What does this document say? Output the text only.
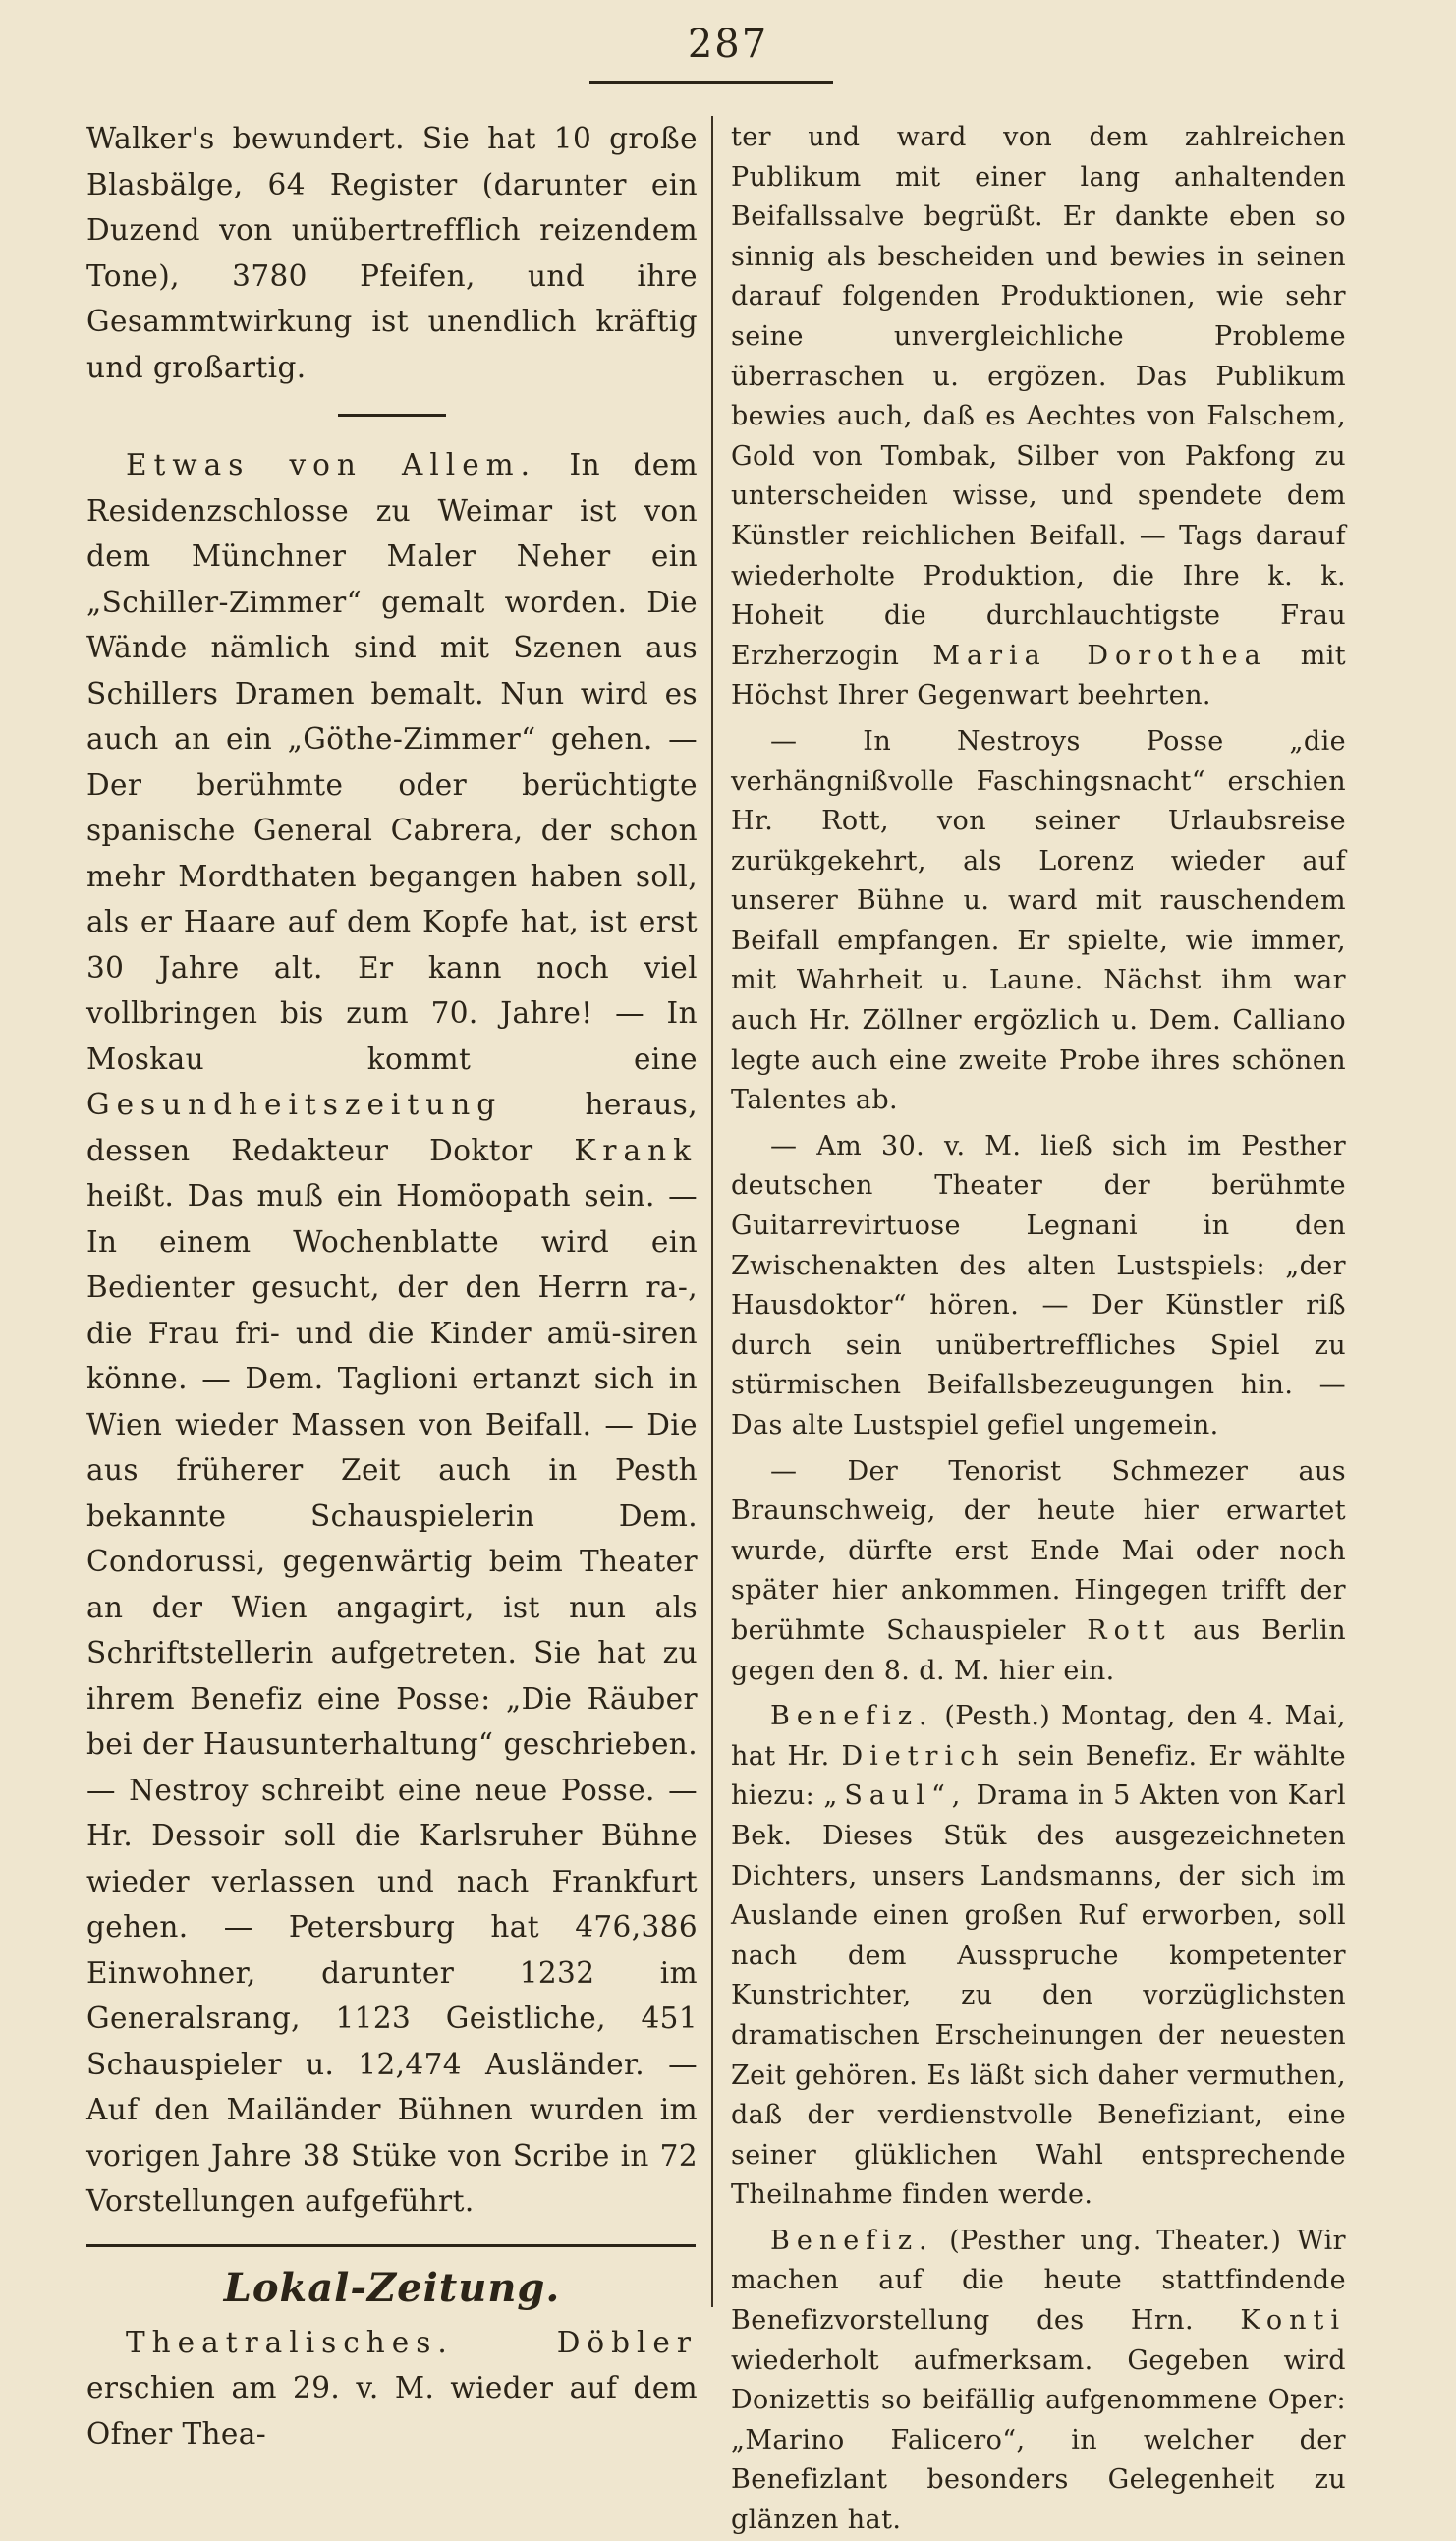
287

Walker's bewundert. Sie hat 10 große Blasbälge, 64 Register (darunter ein Duzend von unübertrefflich reizendem Tone), 3780 Pfeifen, und ihre Gesammtwirkung ist unendlich kräftig und großartig.

Etwas von Allem. In dem Residenzschlosse zu Weimar ist von dem Münchner Maler Neher ein „Schiller-Zimmer“ gemalt worden. Die Wände nämlich sind mit Szenen aus Schillers Dramen bemalt. Nun wird es auch an ein „Göthe-Zimmer“ gehen. — Der berühmte oder berüchtigte spanische General Cabrera, der schon mehr Mordthaten begangen haben soll, als er Haare auf dem Kopfe hat, ist erst 30 Jahre alt. Er kann noch viel vollbringen bis zum 70. Jahre! — In Moskau kommt eine Gesundheitszeitung	heraus, dessen Redakteur Doktor Krank heißt. Das muß ein Homöopath sein. — In einem Wochenblatte wird ein Bedienter gesucht, der den Herrn ra-, die Frau fri- und die Kinder amü-siren könne. — Dem. Taglioni ertanzt sich in Wien wieder Massen von Beifall. — Die aus früherer Zeit auch in Pesth bekannte Schauspielerin Dem. Condorussi, gegenwärtig beim Theater an der Wien angagirt, ist nun als Schriftstellerin aufgetreten. Sie hat zu ihrem Benefiz eine Posse: „Die Räuber bei der Hausunterhaltung“ geschrieben. — Nestroy schreibt eine neue Posse. — Hr. Dessoir soll die Karlsruher Bühne wieder verlassen und nach Frankfurt gehen. — Petersburg hat 476,386 Einwohner, darunter 1232 im Generalsrang, 1123 Geistliche, 451 Schauspieler u. 12,474 Ausländer. — Auf den Mailänder Bühnen wurden im vorigen Jahre 38 Stüke von Scribe in 72 Vorstellungen aufgeführt.

Lokal-Zeitung.

Theatralisches.	Döbler erschien am 29. v. M. wieder auf dem Ofner Thea-

ter und ward von dem zahlreichen Publikum mit einer lang anhaltenden Beifallssalve begrüßt. Er dankte eben so sinnig als bescheiden und bewies in seinen darauf folgenden Produktionen, wie sehr seine unvergleichliche Probleme überraschen u. ergözen. Das Publikum bewies auch, daß es Aechtes von Falschem, Gold von Tombak, Silber von Pakfong zu unterscheiden wisse, und spendete dem Künstler reichlichen Beifall. — Tags darauf wiederholte Produktion, die Ihre k. k. Hoheit die durchlauchtigste Frau Erzherzogin Maria Dorothea mit Höchst Ihrer Gegenwart beehrten.

— In Nestroys Posse „die verhängnißvolle Faschingsnacht“ erschien Hr. Rott, von seiner Urlaubsreise zurükgekehrt, als Lorenz wieder auf unserer Bühne u. ward mit rauschendem Beifall empfangen. Er spielte, wie immer, mit Wahrheit u. Laune. Nächst ihm war auch Hr. Zöllner ergözlich u. Dem. Calliano legte auch eine zweite Probe ihres schönen Talentes ab.

— Am 30. v. M. ließ sich im Pesther deutschen Theater der berühmte Guitarrevirtuose Legnani in den Zwischenakten des alten Lustspiels: „der Hausdoktor“ hören. — Der Künstler riß durch sein unübertreffliches Spiel zu stürmischen Beifallsbezeugungen hin. — Das alte Lustspiel gefiel ungemein.

— Der Tenorist Schmezer aus Braunschweig, der heute hier erwartet wurde, dürfte erst Ende Mai oder noch später hier ankommen. Hingegen trifft der berühmte Schauspieler Rott aus Berlin gegen den 8. d. M. hier ein.

Benefiz. (Pesth.) Montag, den 4. Mai, hat Hr. Dietrich sein Benefiz. Er wählte hiezu: „Saul“, Drama in 5 Akten von Karl Bek. Dieses Stük des ausgezeichneten Dichters, unsers Landsmanns, der sich im Auslande einen großen Ruf erworben, soll nach dem Ausspruche kompetenter Kunstrichter, zu den vorzüglichsten dramatischen Erscheinungen der neuesten Zeit gehören. Es läßt sich daher vermuthen, daß der verdienstvolle Benefiziant, eine seiner glüklichen Wahl entsprechende Theilnahme finden werde.

Benefiz. (Pesther ung. Theater.) Wir machen auf die heute stattfindende Benefizvorstellung des Hrn. Konti wiederholt aufmerksam. Gegeben wird Donizettis so beifällig aufgenommene Oper: „Marino Falicero“, in welcher der Benefizlant besonders Gelegenheit zu glänzen hat.
